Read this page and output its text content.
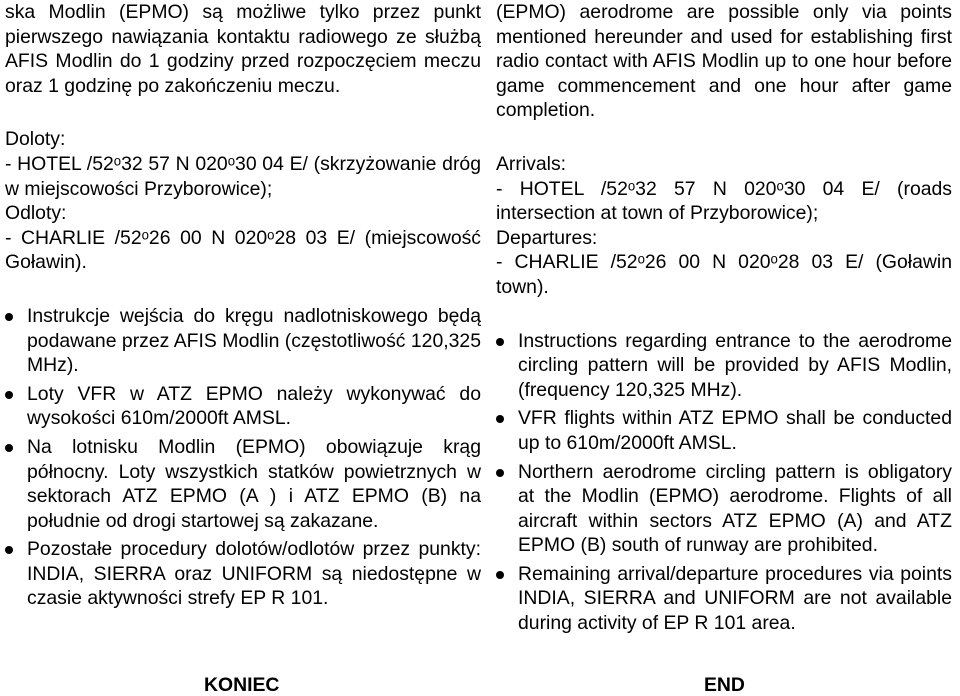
ska Modlin (EPMO) są możliwe tylko przez punkt pierwszego nawiązania kontaktu radiowego ze służbą AFIS Modlin do 1 godziny przed rozpoczęciem meczu oraz 1 godzinę po zakończeniu meczu.

Doloty:

- HOTEL /52ᵒ32 57 N 020ᵒ30 04 E/ (skrzyżowanie dróg w miejscowości Przyborowice);

Odloty:

- CHARLIE /52ᵒ26 00 N 020ᵒ28 03 E/ (miejscowość Goławin).

Instrukcje wejścia do kręgu nadlotniskowego będą podawane przez AFIS Modlin (częstotliwość 120,325 MHz).
Loty VFR w ATZ EPMO należy wykonywać do wysokości 610m/2000ft AMSL.
Na lotnisku Modlin (EPMO) obowiązuje krąg północny. Loty wszystkich statków powietrznych w sektorach ATZ EPMO (A ) i ATZ EPMO (B) na południe od drogi startowej są zakazane.
Pozostałe procedury dolotów/odlotów przez punkty: INDIA, SIERRA oraz UNIFORM są niedostępne w czasie aktywności strefy EP R 101.

(EPMO) aerodrome are possible only via points mentioned hereunder and used for establishing first radio contact with AFIS Modlin up to one hour before game commencement and one hour after game completion.

Arrivals:

- HOTEL /52ᵒ32 57 N 020ᵒ30 04 E/ (roads intersection at town of Przyborowice);

Departures:

- CHARLIE /52ᵒ26 00 N 020ᵒ28 03 E/ (Goławin town).

Instructions regarding entrance to the aerodrome circling pattern will be provided by AFIS Modlin, (frequency 120,325 MHz).
VFR flights within ATZ EPMO shall be conducted up to 610m/2000ft AMSL.
Northern aerodrome circling pattern is obligatory at the Modlin (EPMO) aerodrome. Flights of all aircraft within sectors ATZ EPMO (A) and ATZ EPMO (B) south of runway are prohibited.
Remaining arrival/departure procedures via points INDIA, SIERRA and UNIFORM are not available during activity of EP R 101 area.
KONIEC	END
